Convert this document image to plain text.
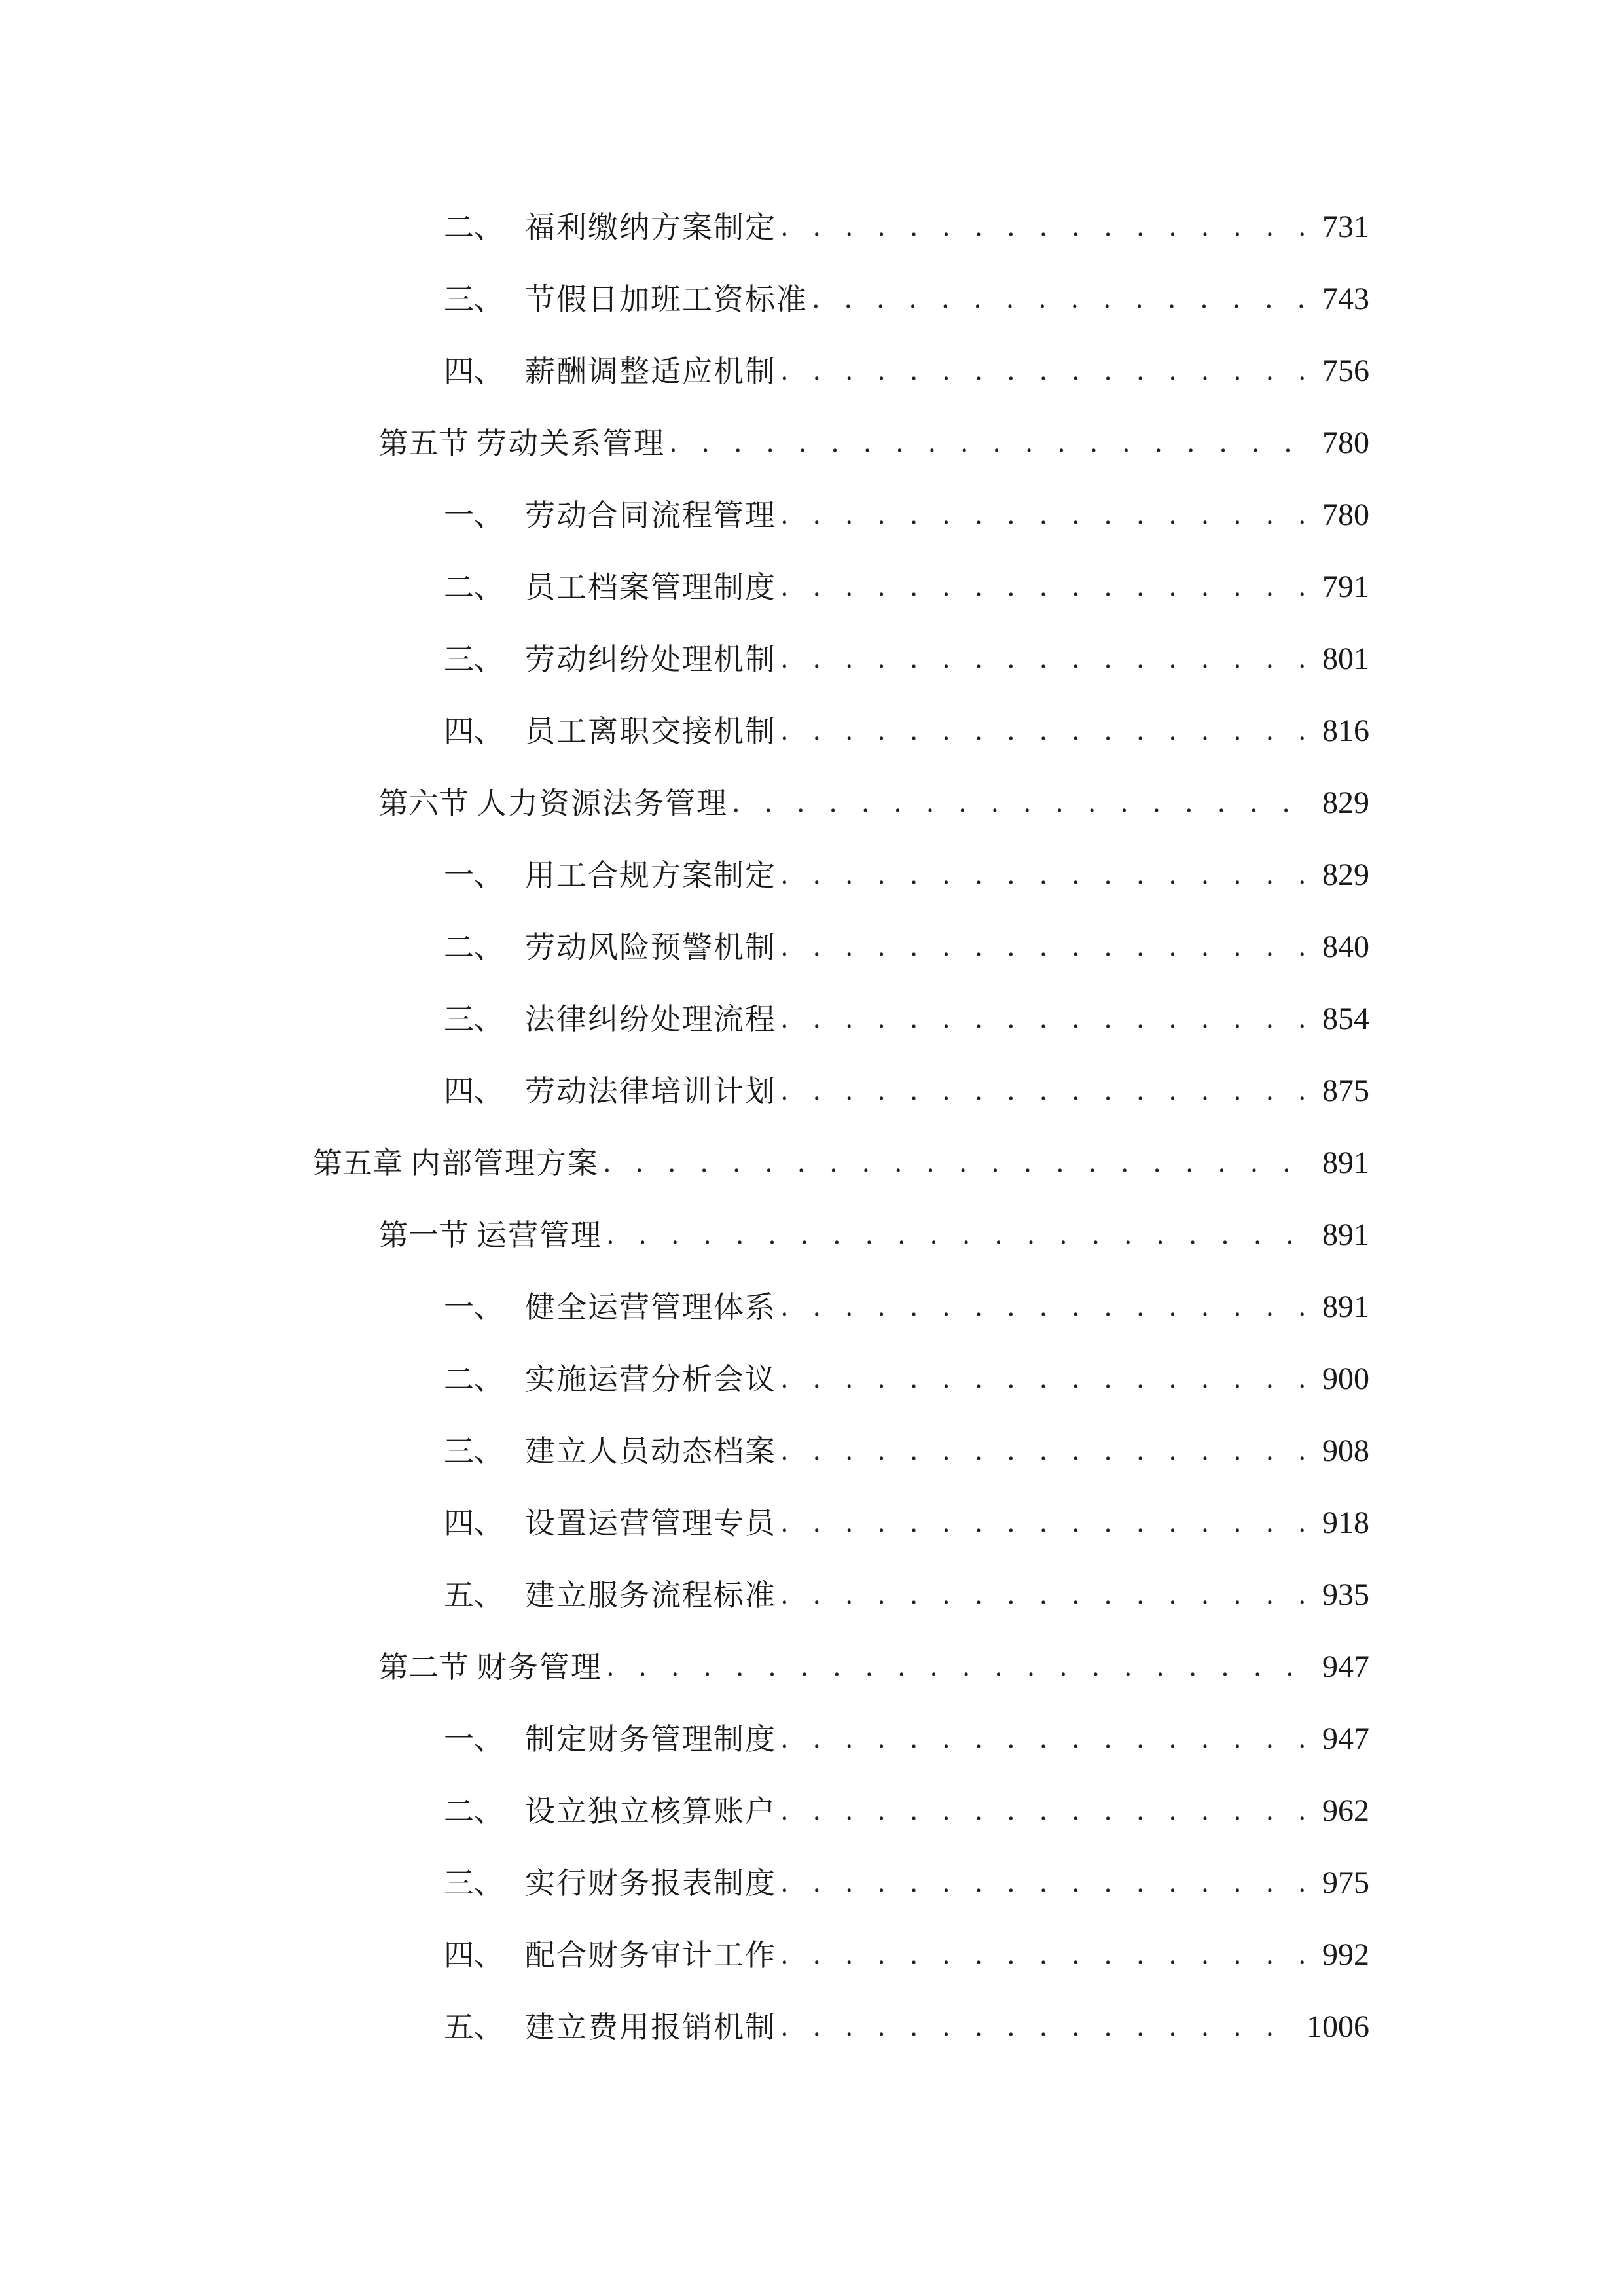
二、 福利缴纳方案制定 . . .	731
三、 节假日加班工资标准 . . .	743
四、 薪酬调整适应机制 . . .	756
第五节 劳动关系管理 . . .	780
一、 劳动合同流程管理 . . .	780
二、 员工档案管理制度 . . .	791
三、 劳动纠纷处理机制 . . .	801
四、 员工离职交接机制 . . .	816
第六节 人力资源法务管理 . . .	829
一、 用工合规方案制定 . . .	829
二、 劳动风险预警机制 . . .	840
三、 法律纠纷处理流程 . . .	854
四、 劳动法律培训计划 . . .	875
第五章 内部管理方案 . . .	891
第一节 运营管理 . . .	891
一、 健全运营管理体系 . . .	891
二、 实施运营分析会议 . . .	900
三、 建立人员动态档案 . . .	908
四、 设置运营管理专员 . . .	918
五、 建立服务流程标准 . . .	935
第二节 财务管理 . . .	947
一、 制定财务管理制度 . . .	947
二、 设立独立核算账户 . . .	962
三、 实行财务报表制度 . . .	975
四、 配合财务审计工作 . . .	992
五、 建立费用报销机制 . . .	1006
